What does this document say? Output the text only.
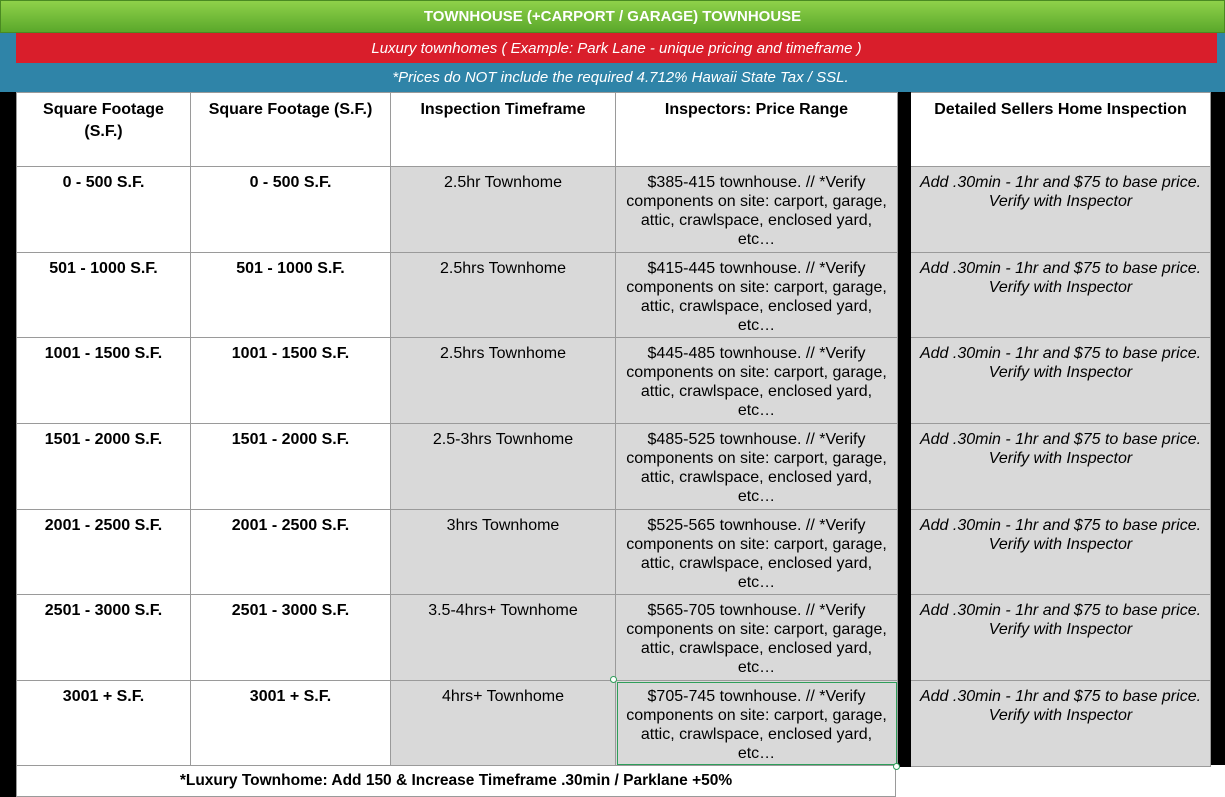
TOWNHOUSE (+CARPORT / GARAGE) TOWNHOUSE
Luxury townhomes ( Example: Park Lane - unique pricing and timeframe )
*Prices do NOT include the required 4.712% Hawaii State Tax / SSL.
Square Footage (S.F.)	Square Footage (S.F.)	Inspection Timeframe	Inspectors: Price Range		Detailed Sellers Home Inspection
0 - 500 S.F.	0 - 500 S.F.	2.5hr Townhome	$385-415 townhouse. // *Verify components on site: carport, garage, attic, crawlspace, enclosed yard, etc…		Add .30min - 1hr and $75 to base price. Verify with Inspector
501 - 1000 S.F.	501 - 1000 S.F.	2.5hrs Townhome	$415-445 townhouse. // *Verify components on site: carport, garage, attic, crawlspace, enclosed yard, etc…		Add .30min - 1hr and $75 to base price. Verify with Inspector
1001 - 1500 S.F.	1001 - 1500 S.F.	2.5hrs Townhome	$445-485 townhouse. // *Verify components on site: carport, garage, attic, crawlspace, enclosed yard, etc…		Add .30min - 1hr and $75 to base price. Verify with Inspector
1501 - 2000 S.F.	1501 - 2000 S.F.	2.5-3hrs Townhome	$485-525 townhouse. // *Verify components on site: carport, garage, attic, crawlspace, enclosed yard, etc…		Add .30min - 1hr and $75 to base price. Verify with Inspector
2001 - 2500 S.F.	2001 - 2500 S.F.	3hrs Townhome	$525-565 townhouse. // *Verify components on site: carport, garage, attic, crawlspace, enclosed yard, etc…		Add .30min - 1hr and $75 to base price. Verify with Inspector
2501 - 3000 S.F.	2501 - 3000 S.F.	3.5-4hrs+ Townhome	$565-705 townhouse. // *Verify components on site: carport, garage, attic, crawlspace, enclosed yard, etc…		Add .30min - 1hr and $75 to base price. Verify with Inspector
3001 + S.F.	3001 + S.F.	4hrs+ Townhome	$705-745 townhouse. // *Verify components on site: carport, garage, attic, crawlspace, enclosed yard, etc…		Add .30min - 1hr and $75 to base price. Verify with Inspector
*Luxury Townhome: Add 150 & Increase Timeframe .30min / Parklane +50%
